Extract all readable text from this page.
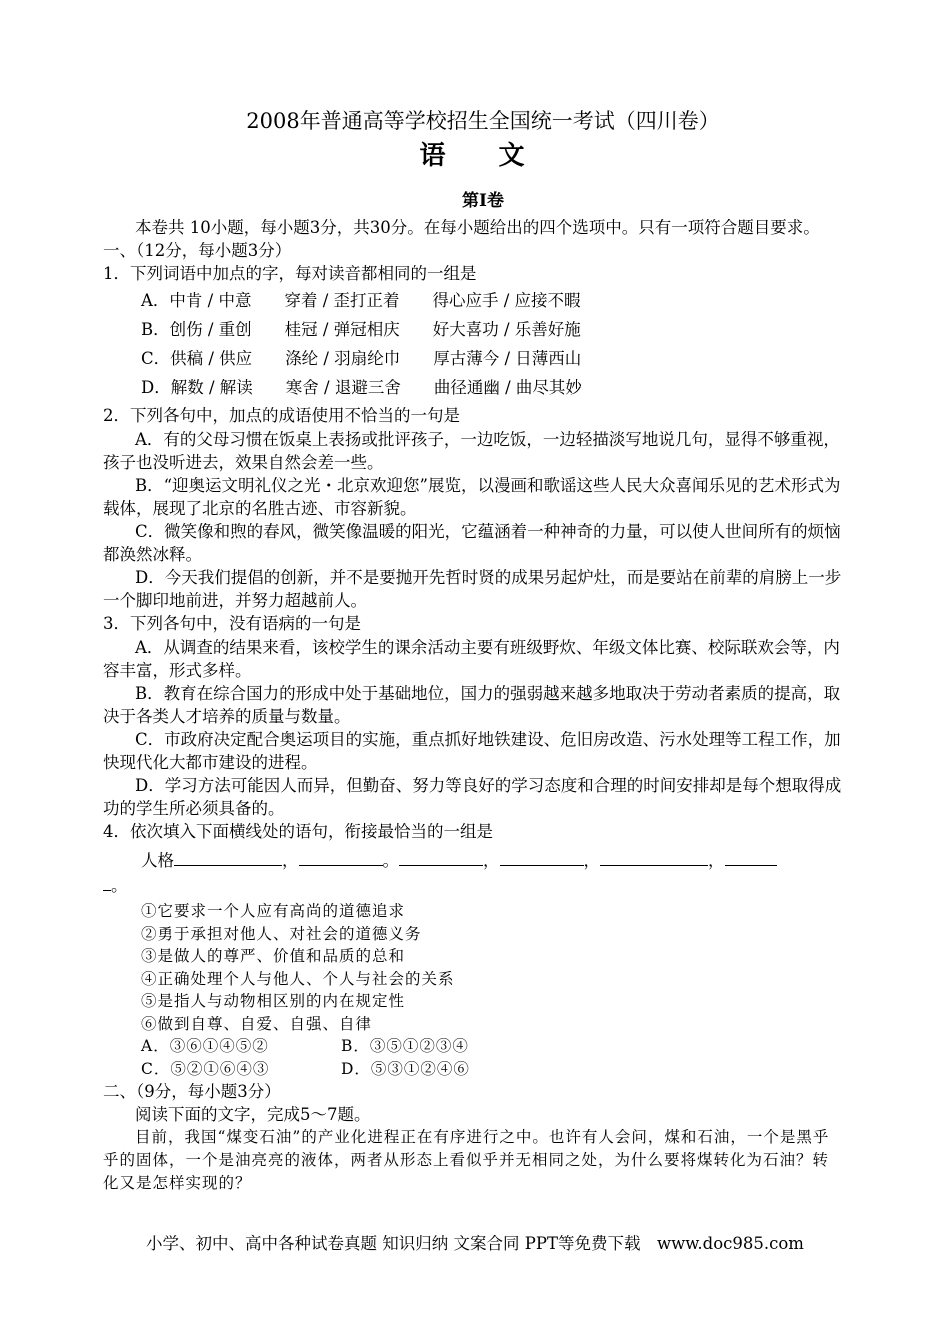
2008年普通高等学校招生全国统一考试（四川卷）
语 文
第Ⅰ卷
本卷共 10小题，每小题3分，共30分。在每小题给出的四个选项中。只有一项符合题目要求。
一、（12分，每小题3分）
1．下列词语中加点的字，每对读音都相同的一组是
A．中肯 / 中意　　穿着 / 歪打正着　　得心应手 / 应接不暇
B．创伤 / 重创　　桂冠 / 弹冠相庆　　好大喜功 / 乐善好施
C．供稿 / 供应　　涤纶 / 羽扇纶巾　　厚古薄今 / 日薄西山
D．解数 / 解读　　寒舍 / 退避三舍　　曲径通幽 / 曲尽其妙
2．下列各句中，加点的成语使用不恰当的一句是
A．有的父母习惯在饭桌上表扬或批评孩子，一边吃饭，一边轻描淡写地说几句，显得不够重视，孩子也没听进去，效果自然会差一些。
B．“迎奥运文明礼仪之光・北京欢迎您”展览，以漫画和歌谣这些人民大众喜闻乐见的艺术形式为载体，展现了北京的名胜古迹、市容新貌。
C．微笑像和煦的春风，微笑像温暖的阳光，它蕴涵着一种神奇的力量，可以使人世间所有的烦恼都涣然冰释。
D．今天我们提倡的创新，并不是要抛开先哲时贤的成果另起炉灶，而是要站在前辈的肩膀上一步一个脚印地前进，并努力超越前人。
3．下列各句中，没有语病的一句是
A．从调查的结果来看，该校学生的课余活动主要有班级野炊、年级文体比赛、校际联欢会等，内容丰富，形式多样。
B．教育在综合国力的形成中处于基础地位，国力的强弱越来越多地取决于劳动者素质的提高，取决于各类人才培养的质量与数量。
C．市政府决定配合奥运项目的实施，重点抓好地铁建设、危旧房改造、污水处理等工程工作，加快现代化大都市建设的进程。
D．学习方法可能因人而异，但勤奋、努力等良好的学习态度和合理的时间安排却是每个想取得成功的学生所必须具备的。
4．依次填入下面横线处的语句，衔接最恰当的一组是
人格	，	。	，	，	，
。
①它要求一个人应有高尚的道德追求
②勇于承担对他人、对社会的道德义务
③是做人的尊严、价值和品质的总和
④正确处理个人与他人、个人与社会的关系
⑤是指人与动物相区别的内在规定性
⑥做到自尊、自爱、自强、自律
A．③⑥①④⑤②	B．③⑤①②③④
C．⑤②①⑥④③	D．⑤③①②④⑥
二、（9分，每小题3分）
阅读下面的文字，完成5～7题。
目前，我国“煤变石油”的产业化进程正在有序进行之中。也许有人会问，煤和石油，一个是黑乎乎的固体，一个是油亮亮的液体，两者从形态上看似乎并无相同之处，为什么要将煤转化为石油？转化又是怎样实现的？
小学、初中、高中各种试卷真题 知识归纳 文案合同 PPT等免费下载　www.doc985.com
